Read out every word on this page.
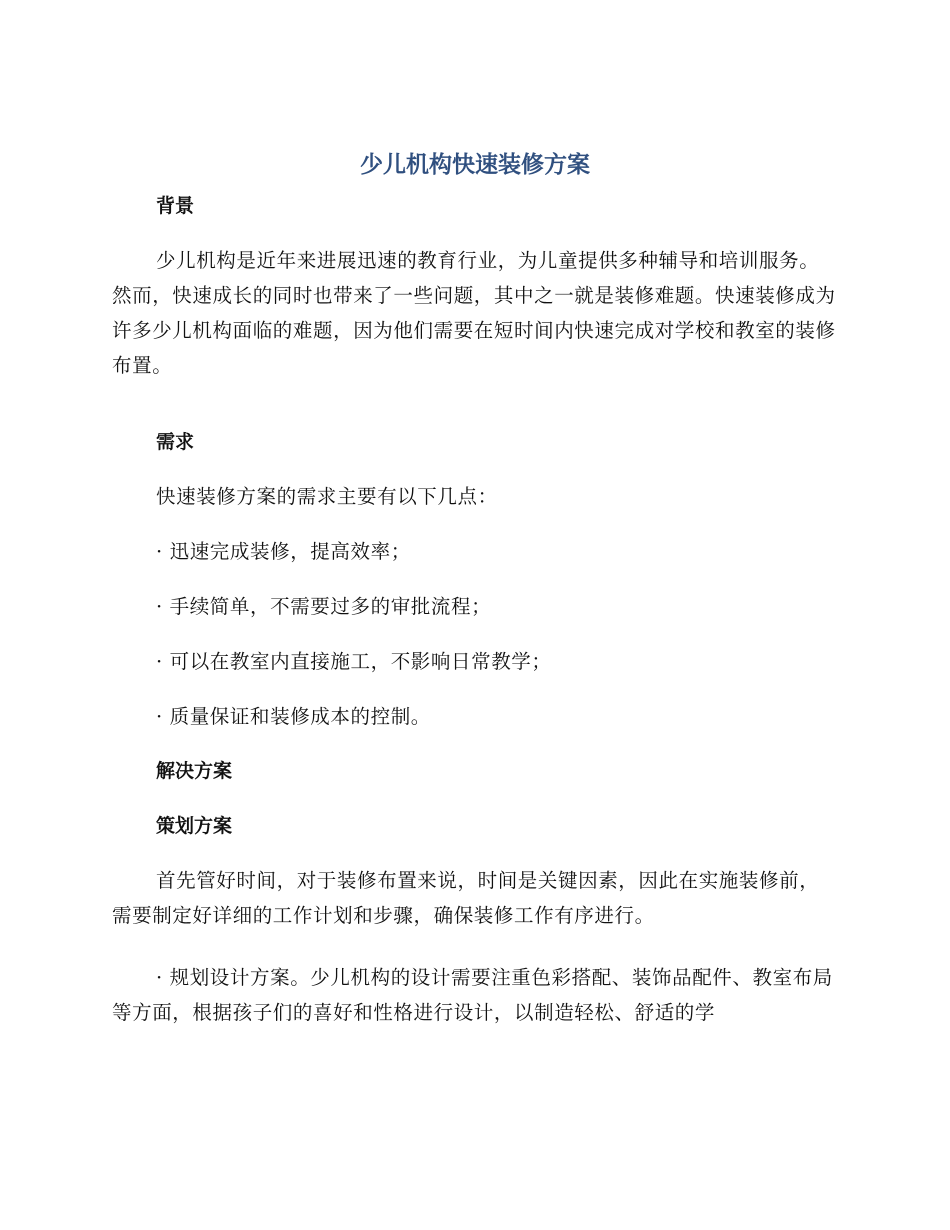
少儿机构快速装修方案
背景

少儿机构是近年来进展迅速的教育行业，为儿童提供多种辅导和培训服务。然而，快速成长的同时也带来了一些问题，其中之一就是装修难题。快速装修成为许多少儿机构面临的难题，因为他们需要在短时间内快速完成对学校和教室的装修布置。

需求

快速装修方案的需求主要有以下几点：

· 迅速完成装修，提高效率；

· 手续简单，不需要过多的审批流程；

· 可以在教室内直接施工，不影响日常教学；

· 质量保证和装修成本的控制。

解决方案
策划方案

首先管好时间，对于装修布置来说，时间是关键因素，因此在实施装修前，需要制定好详细的工作计划和步骤，确保装修工作有序进行。

· 规划设计方案。少儿机构的设计需要注重色彩搭配、装饰品配件、教室布局等方面，根据孩子们的喜好和性格进行设计，以制造轻松、舒适的学
